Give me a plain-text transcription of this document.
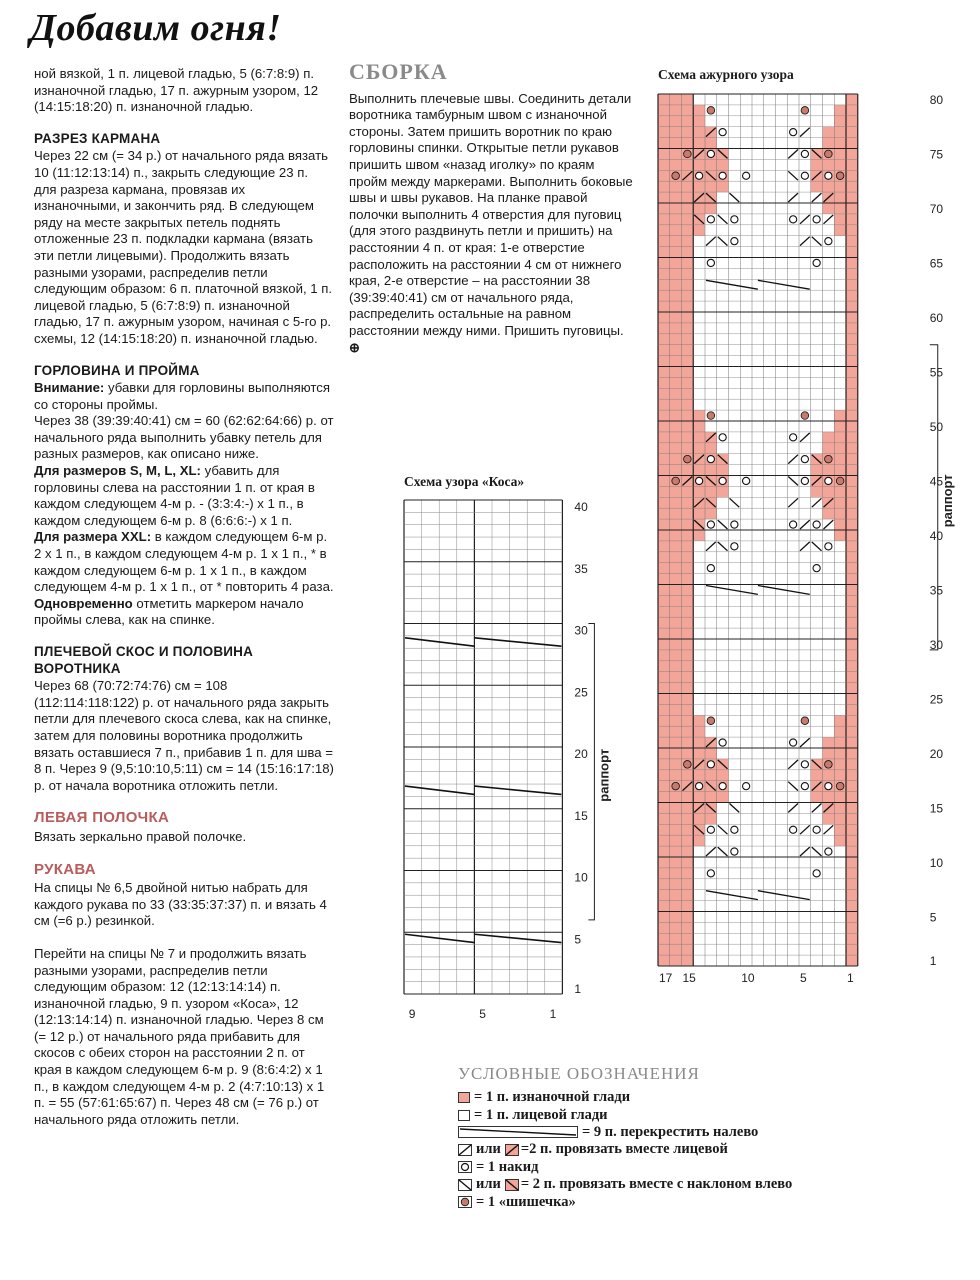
Добавим огня!

ной вязкой, 1 п. лицевой гладью, 5 (6:7:8:9) п. изнаночной гладью, 17 п. ажурным узором, 12 (14:15:18:20) п. изнаночной гладью.

РАЗРЕЗ КАРМАНА

Через 22 см (= 34 р.) от начального ряда вязать 10 (11:12:13:14) п., закрыть следующие 23 п. для разреза кармана, провязав их изнаночными, и закончить ряд. В следующем ряду на месте закрытых петель поднять отложенные 23 п. подкладки кармана (вязать эти петли лицевыми). Продолжить вязать разными узорами, распределив петли следующим образом: 6 п. платочной вязкой, 1 п. лицевой гладью, 5 (6:7:8:9) п. изнаночной гладью, 17 п. ажурным узором, начиная с 5-го р. схемы, 12 (14:15:18:20) п. изнаночной гладью.

ГОРЛОВИНА И ПРОЙМА

Внимание: убавки для горловины выполняются со стороны проймы.

Через 38 (39:39:40:41) см = 60 (62:62:64:66) р. от начального ряда выполнить убавку петель для разных размеров, как описано ниже.

Для размеров S, M, L, XL: убавить для горловины слева на расстоянии 1 п. от края в каждом следующем 4-м р. - (3:3:4:-) х 1 п., в каждом следующем 6-м р. 8 (6:6:6:-) х 1 п.

Для размера XXL: в каждом следующем 6-м р. 2 х 1 п., в каждом следующем 4-м р. 1 х 1 п., * в каждом следующем 6-м р. 1 х 1 п., в каждом следующем 4-м р. 1 х 1 п., от * повторить 4 раза.

Одновременно отметить маркером начало проймы слева, как на спинке.

ПЛЕЧЕВОЙ СКОС И ПОЛОВИНА ВОРОТНИКА

Через 68 (70:72:74:76) см = 108 (112:114:118:122) р. от начального ряда закрыть петли для плечевого скоса слева, как на спинке, затем для половины воротника продолжить вязать оставшиеся 7 п., прибавив 1 п. для шва = 8 п. Через 9 (9,5:10:10,5:11) см = 14 (15:16:17:18) р. от начала воротника отложить петли.

ЛЕВАЯ ПОЛОЧКА

Вязать зеркально правой полочке.

РУКАВА

На спицы № 6,5 двойной нитью набрать для каждого рукава по 33 (33:35:37:37) п. и вязать 4 см (=6 р.) резинкой.

Перейти на спицы № 7 и продолжить вязать разными узорами, распределив петли следующим образом: 12 (12:13:14:14) п. изнаночной гладью, 9 п. узором «Коса», 12 (12:13:14:14) п. изнаночной гладью. Через 8 см (= 12 р.) от начального ряда прибавить для скосов с обеих сторон на расстоянии 2 п. от края в каждом следующем 6-м р. 9 (8:6:4:2) х 1 п., в каждом следующем 4-м р. 2 (4:7:10:13) х 1 п. = 55 (57:61:65:67) п. Через 48 см (= 76 р.) от начального ряда отложить петли.

СБОРКА

Выполнить плечевые швы. Соединить детали воротника тамбурным швом с изнаночной стороны. Затем пришить воротник по краю горловины спинки. Открытые петли рукавов пришить швом «назад иголку» по краям пройм между маркерами. Выполнить боковые швы и швы рукавов. На планке правой полочки выполнить 4 отверстия для пуговиц (для этого раздвинуть петли и пришить) на расстоянии 4 п. от края: 1-е отверстие расположить на расстоянии 4 см от нижнего края, 2-е отверстие – на расстоянии 38 (39:39:40:41) см от начального ряда, распределить остальные на равном расстоянии между ними. Пришить пуговицы. ⊕

Схема узора «Коса»
40
35
30
25
20
15
10
5
1
9	5	1
раппорт
Схема ажурного узора
80
75
70
65
60
55
50
45
40
35
30
25
20
15
10
5
1
17 15	10	5	1
раппорт
УСЛОВНЫЕ ОБОЗНАЧЕНИЯ
= 1 п. изнаночной глади
= 1 п. лицевой глади
= 9 п. перекрестить налево
или =2 п. провязать вместе лицевой
= 1 накид
или = 2 п. провязать вместе с наклоном влево
= 1 «шишечка»
